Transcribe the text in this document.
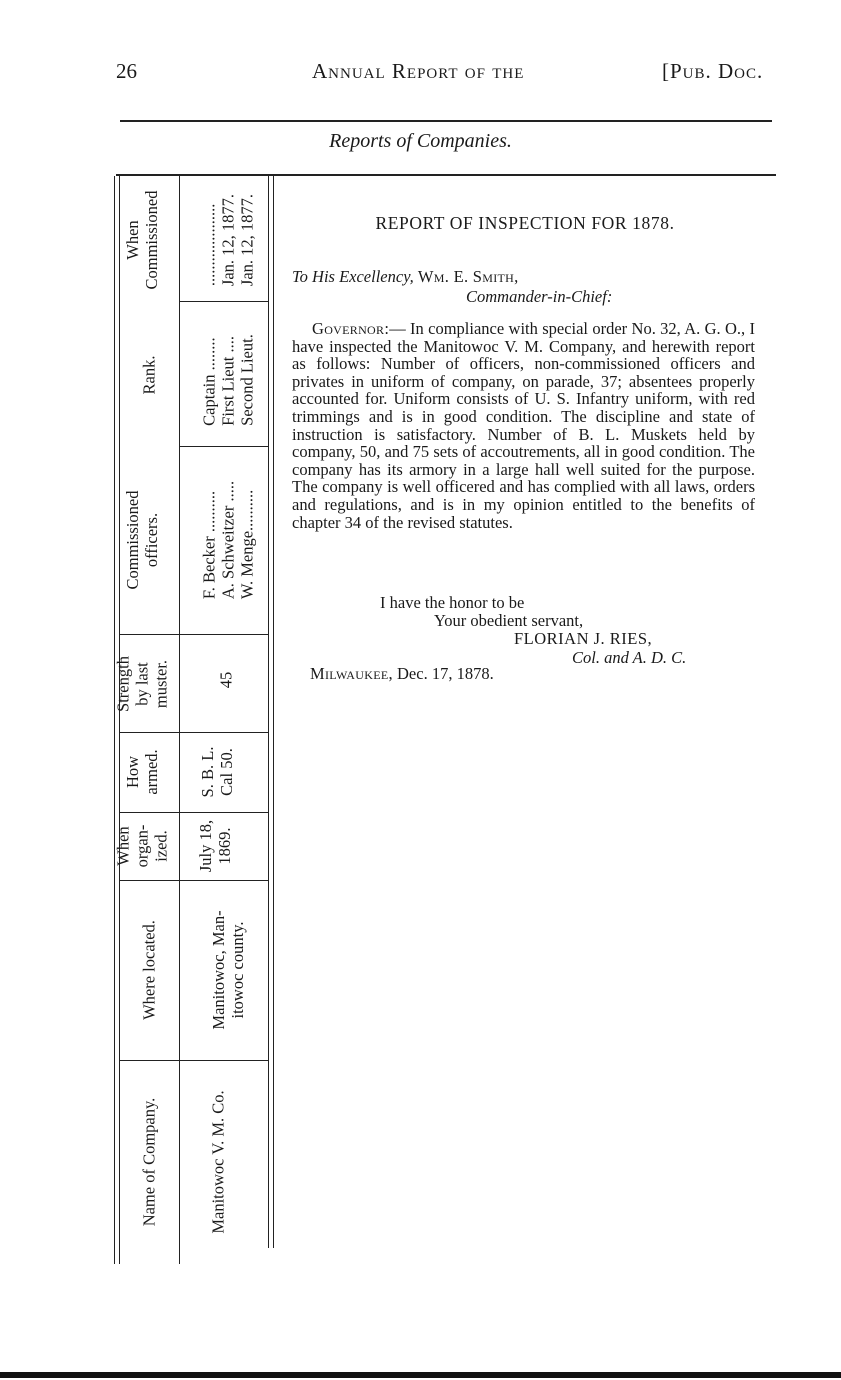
26	Annual Report of the	[Pub. Doc.
Reports of Companies.
When Commissioned
Rank.
Commissioned officers.
Strength by last muster.
How armed.
When organ- ized.
Where located.
Name of Company.
.................... Jan. 12, 1877. Jan. 12, 1877.
Captain ........ First Lieut .... Second Lieut.
F. Becker .......... A. Schweitzer ..... W. Menge..........
45
S. B. L. Cal 50.
July 18, 1869.
Manitowoc, Man- itowoc county.
Manitowoc V. M. Co.
REPORT OF INSPECTION FOR 1878.
To His Excellency, Wm. E. Smith,
Commander-in-Chief:
Governor:— In compliance with special order No. 32, A. G. O., I have inspected the Manitowoc V. M. Company, and herewith report as follows: Number of officers, non-commissioned officers and privates in uniform of company, on parade, 37; absentees properly accounted for. Uniform consists of U. S. Infantry uniform, with red trimmings and is in good condition. The discipline and state of instruction is satisfactory. Number of B. L. Muskets held by company, 50, and 75 sets of accoutrements, all in good condition. The company has its armory in a large hall well suited for the purpose. The company is well officered and has complied with all laws, orders and regulations, and is in my opinion entitled to the benefits of chapter 34 of the revised statutes.
I have the honor to be
Your obedient servant,
FLORIAN J. RIES,
Col. and A. D. C.
Milwaukee, Dec. 17, 1878.
